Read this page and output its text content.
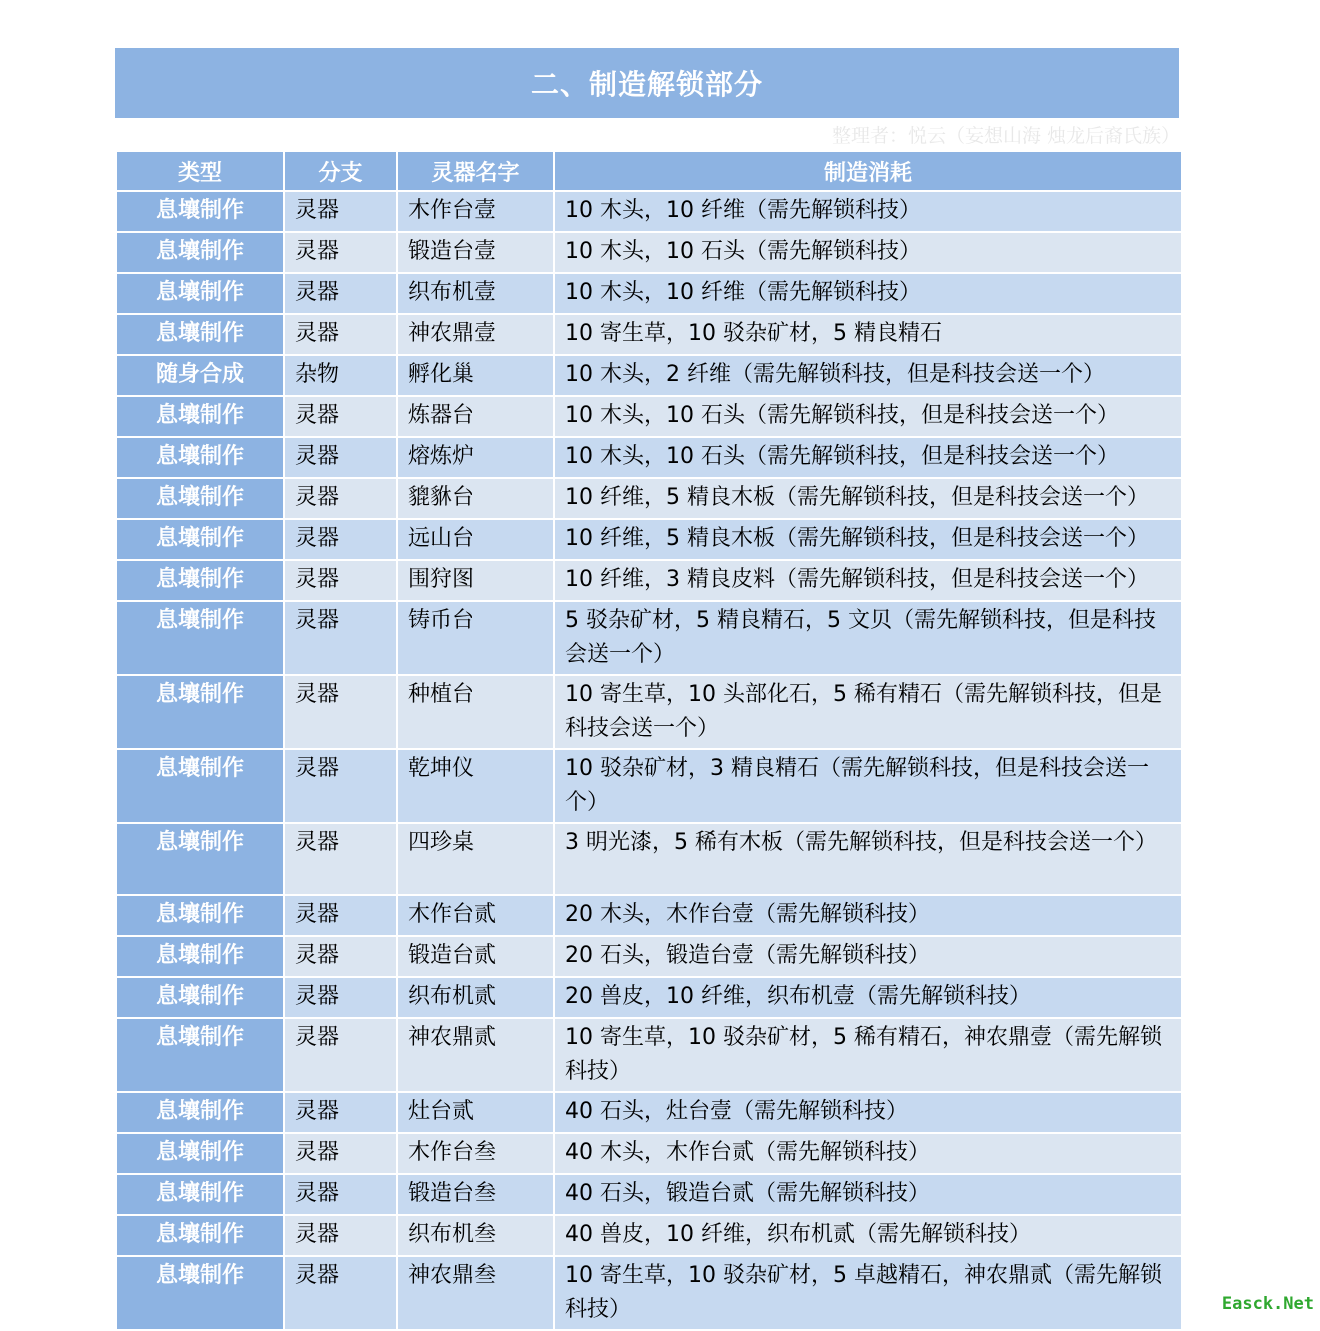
二、制造解锁部分
整理者：悦云（妄想山海 烛龙后裔氏族）
类型	分支	灵器名字	制造消耗
息壤制作	灵器	木作台壹	10 木头，10 纤维（需先解锁科技）
息壤制作	灵器	锻造台壹	10 木头，10 石头（需先解锁科技）
息壤制作	灵器	织布机壹	10 木头，10 纤维（需先解锁科技）
息壤制作	灵器	神农鼎壹	10 寄生草，10 驳杂矿材，5 精良精石
随身合成	杂物	孵化巢	10 木头，2 纤维（需先解锁科技，但是科技会送一个）
息壤制作	灵器	炼器台	10 木头，10 石头（需先解锁科技，但是科技会送一个）
息壤制作	灵器	熔炼炉	10 木头，10 石头（需先解锁科技，但是科技会送一个）
息壤制作	灵器	貔貅台	10 纤维，5 精良木板（需先解锁科技，但是科技会送一个）
息壤制作	灵器	远山台	10 纤维，5 精良木板（需先解锁科技，但是科技会送一个）
息壤制作	灵器	围狩图	10 纤维，3 精良皮料（需先解锁科技，但是科技会送一个）
息壤制作	灵器	铸币台	5 驳杂矿材，5 精良精石，5 文贝（需先解锁科技，但是科技会送一个）
息壤制作	灵器	种植台	10 寄生草，10 头部化石，5 稀有精石（需先解锁科技，但是科技会送一个）
息壤制作	灵器	乾坤仪	10 驳杂矿材，3 精良精石（需先解锁科技，但是科技会送一个）
息壤制作	灵器	四珍桌	3 明光漆，5 稀有木板（需先解锁科技，但是科技会送一个）
息壤制作	灵器	木作台贰	20 木头，木作台壹（需先解锁科技）
息壤制作	灵器	锻造台贰	20 石头，锻造台壹（需先解锁科技）
息壤制作	灵器	织布机贰	20 兽皮，10 纤维，织布机壹（需先解锁科技）
息壤制作	灵器	神农鼎贰	10 寄生草，10 驳杂矿材，5 稀有精石，神农鼎壹（需先解锁科技）
息壤制作	灵器	灶台贰	40 石头，灶台壹（需先解锁科技）
息壤制作	灵器	木作台叁	40 木头，木作台贰（需先解锁科技）
息壤制作	灵器	锻造台叁	40 石头，锻造台贰（需先解锁科技）
息壤制作	灵器	织布机叁	40 兽皮，10 纤维，织布机贰（需先解锁科技）
息壤制作	灵器	神农鼎叁	10 寄生草，10 驳杂矿材，5 卓越精石，神农鼎贰（需先解锁科技）	Easck.Net
